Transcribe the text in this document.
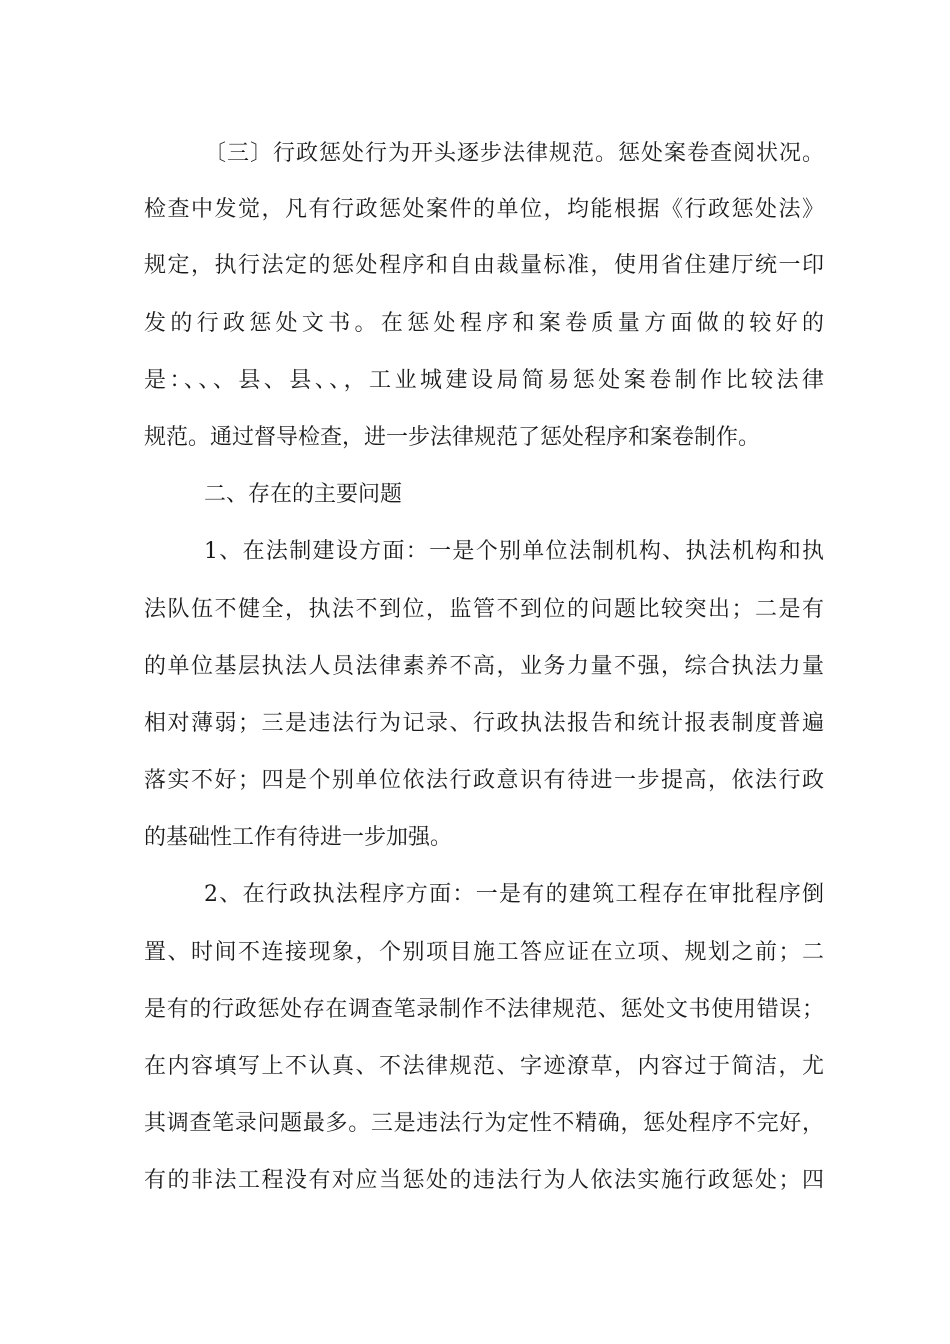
〔三〕行政惩处行为开头逐步法律规范。惩处案卷查阅状况。

检查中发觉，凡有行政惩处案件的单位，均能根据《行政惩处法》

规定，执行法定的惩处程序和自由裁量标准，使用省住建厅统一印

发的行政惩处文书。在惩处程序和案卷质量方面做的较好的

是：、、、县、县、、，工业城建设局简易惩处案卷制作比较法律

规范。通过督导检查，进一步法律规范了惩处程序和案卷制作。

二、存在的主要问题

1、在法制建设方面：一是个别单位法制机构、执法机构和执

法队伍不健全，执法不到位，监管不到位的问题比较突出；二是有

的单位基层执法人员法律素养不高，业务力量不强，综合执法力量

相对薄弱；三是违法行为记录、行政执法报告和统计报表制度普遍

落实不好；四是个别单位依法行政意识有待进一步提高，依法行政

的基础性工作有待进一步加强。

2、在行政执法程序方面：一是有的建筑工程存在审批程序倒

置、时间不连接现象，个别项目施工答应证在立项、规划之前；二

是有的行政惩处存在调查笔录制作不法律规范、惩处文书使用错误；

在内容填写上不认真、不法律规范、字迹潦草，内容过于简洁，尤

其调查笔录问题最多。三是违法行为定性不精确，惩处程序不完好，

有的非法工程没有对应当惩处的违法行为人依法实施行政惩处；四
